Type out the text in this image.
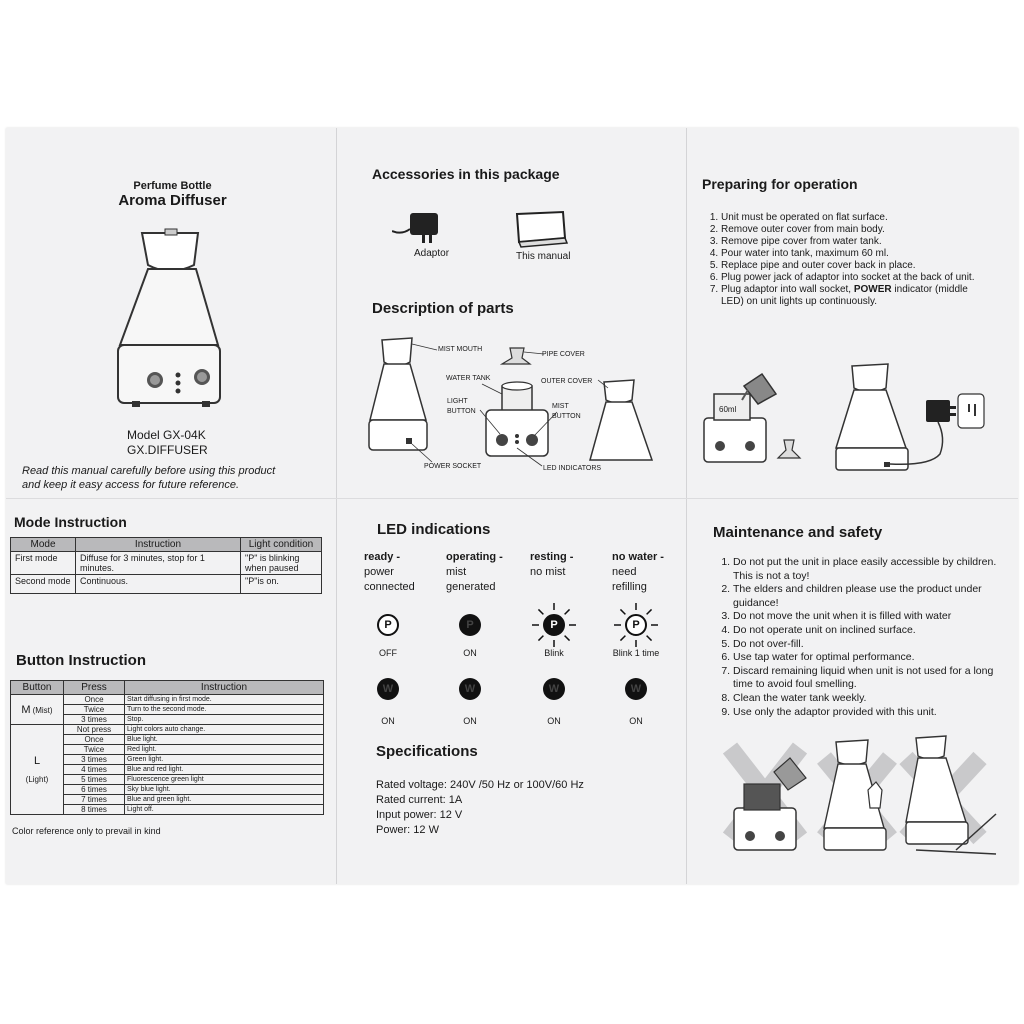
Perfume Bottle
Aroma Diffuser
Model GX-04K
GX.DIFFUSER
Read this manual carefully before using this product
and keep it easy access for future reference.
Mode Instruction
Mode	Instruction	Light condition
First mode	Diffuse for 3 minutes, stop for 1 minutes.	"P" is blinking when paused
Second mode	Continuous.	"P"is on.
Button Instruction
Button	Press	Instruction
M (Mist)	Once	Start diffusing in first mode.
	Twice	Turn to the second mode.
	3 times	Stop.

L
(Light)	Not press	Light colors auto change.
	Once	Blue light.
	Twice	Red light.
	3 times	Green light.
	4 times	Blue and red light.
	5 times	Fluorescence green light
	6 times	Sky blue light.
	7 times	Blue and green light.
	8 times	Light off.
Color reference only to prevail in kind
Accessories in this package
Adaptor	This manual
Description of parts
MIST MOUTH
PIPE COVER
WATER TANK	OUTER COVER
LIGHT BUTTON
MIST BUTTON
POWER SOCKET	LED INDICATORS
LED indications
ready -
power
connected
P
OFF
W
ON
operating -
mist
generated
P
ON
W
ON
resting -
no mist
P
Blink
W
ON
no water -
need
refilling
P
Blink 1 time
W
ON
Specifications
Rated voltage: 240V /50 Hz or 100V/60 Hz
Rated current: 1A
Input power: 12 V
Power: 12 W
Preparing for operation
1. Unit must be operated on flat surface.
2. Remove outer cover from main body.
3. Remove pipe cover from water tank.
4. Pour water into tank, maximum 60 ml.
5. Replace pipe and outer cover back in place.
6. Plug power jack of adaptor into socket at the back of unit.
7. Plug adaptor into wall socket, POWER indicator (middle LED) on unit lights up continuously.
60ml
Maintenance and safety
1. Do not put the unit in place easily accessible by children. This is not a toy!
2. The elders and children please use the product under guidance!
3. Do not move the unit when it is filled with water
4. Do not operate unit on inclined surface.
5. Do not over-fill.
6. Use tap water for optimal performance.
7. Discard remaining liquid when unit is not used for a long time to avoid foul smelling.
8. Clean the water tank weekly.
9. Use only the adaptor provided with this unit.
